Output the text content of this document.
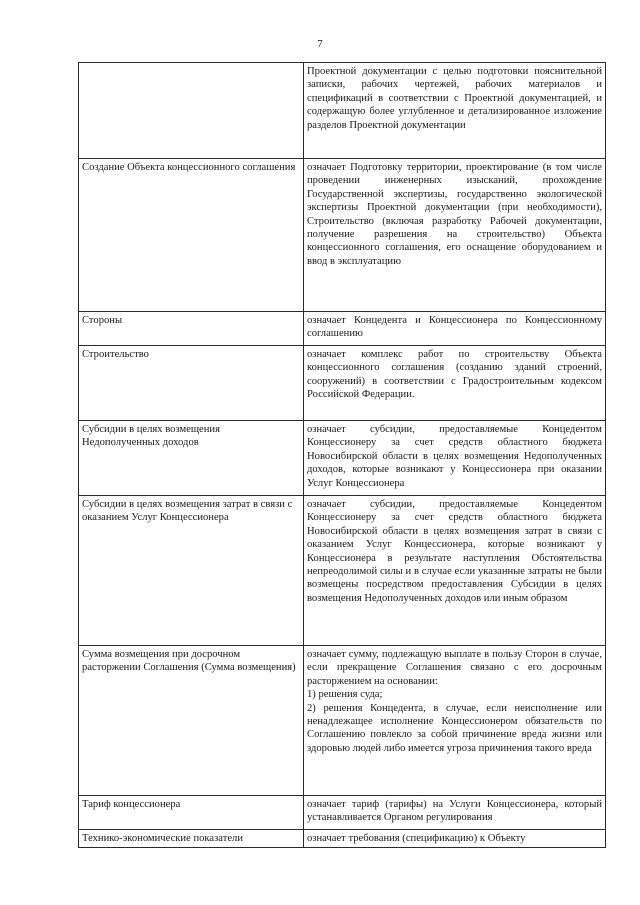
7
	Проектной документации с целью подготовки пояснительной записки, рабочих чертежей, рабочих материалов и спецификаций в соответствии с Проектной документацией, и содержащую более углубленное и детализированное изложение разделов Проектной документации
Создание Объекта концессионного соглашения	означает Подготовку территории, проектирование (в том числе проведении инженерных изысканий, прохождение Государственной экспертизы, государственно экологической экспертизы Проектной документации (при необходимости), Строительство (включая разработку Рабочей документации, получение разрешения на строительство) Объекта концессионного соглашения, его оснащение оборудованием и ввод в эксплуатацию
Стороны	означает Концедента и Концессионера по Концессионному соглашению
Строительство	означает комплекс работ по строительству Объекта концессионного соглашения (созданию зданий строений, сооружений) в соответствии с Градостроительным кодексом Российской Федерации.
Субсидии в целях возмещения Недополученных доходов	означает субсидии, предоставляемые Концедентом Концессионеру за счет средств областного бюджета Новосибирской области в целях возмещения Недополученных доходов, которые возникают у Концессионера при оказании Услуг Концессионера
Субсидии в целях возмещения затрат в связи с оказанием Услуг Концессионера	означает субсидии, предоставляемые Концедентом Концессионеру за счет средств областного бюджета Новосибирской области в целях возмещения затрат в связи с оказанием Услуг Концессионера, которые возникают у Концессионера в результате наступления Обстоятельства непреодолимой силы и в случае если указанные затраты не были возмещены посредством предоставления Субсидии в целях возмещения Недополученных доходов или иным образом
Сумма возмещения при досрочном расторжении Соглашения (Сумма возмещения)	означает сумму, подлежащую выплате в пользу Сторон в случае, если прекращение Соглашения связано с его досрочным расторжением на основании:
1) решения суда;
2) решения Концедента, в случае, если неисполнение или ненадлежащее исполнение Концессионером обязательств по Соглашению повлекло за собой причинение вреда жизни или здоровью людей либо имеется угроза причинения такого вреда

Тариф концессионера	означает тариф (тарифы) на Услуги Концессионера, который устанавливается Органом регулирования
Технико-экономические показатели	означает требования (спецификацию) к Объекту
